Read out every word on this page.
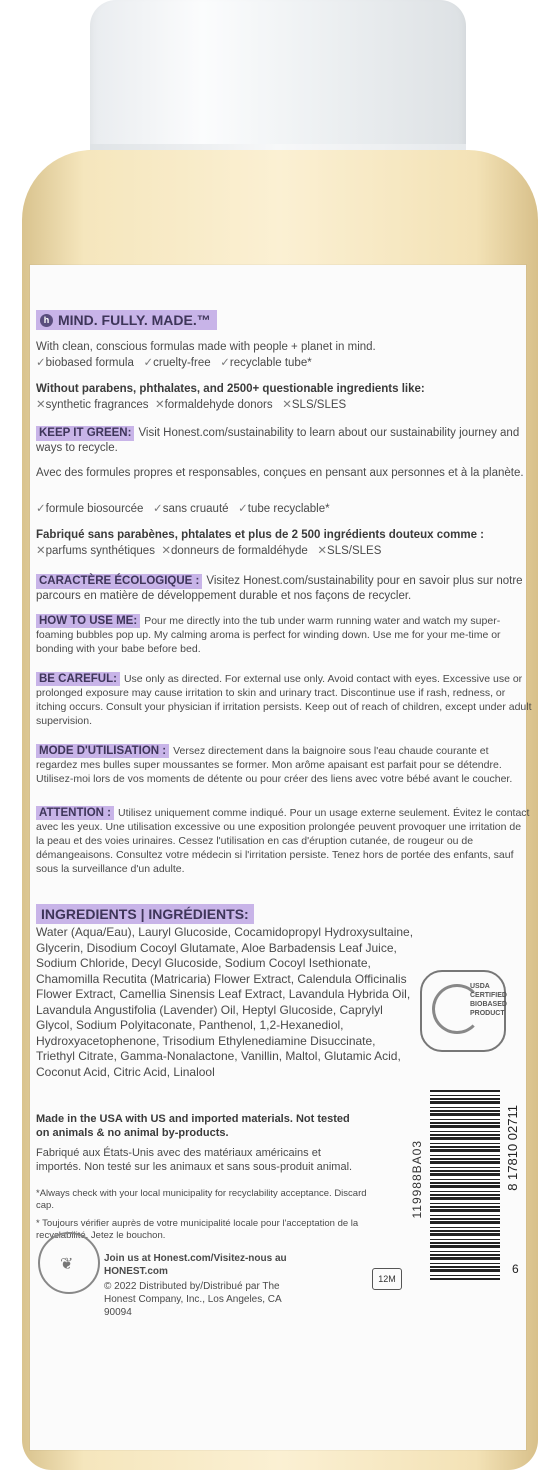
h MIND. FULLY. MADE.™
With clean, conscious formulas made with people + planet in mind.
✓biobased formula ✓cruelty-free ✓recyclable tube*
Without parabens, phthalates, and 2500+ questionable ingredients like:
✕synthetic fragrances ✕formaldehyde donors ✕SLS/SLES
KEEP IT GREEN: Visit Honest.com/sustainability to learn about our sustainability journey and ways to recycle.
Avec des formules propres et responsables, conçues en pensant aux personnes et à la planète.
✓formule biosourcée ✓sans cruauté ✓tube recyclable*
Fabriqué sans parabènes, phtalates et plus de 2 500 ingrédients douteux comme :
✕parfums synthétiques ✕donneurs de formaldéhyde ✕SLS/SLES
CARACTÈRE ÉCOLOGIQUE : Visitez Honest.com/sustainability pour en savoir plus sur notre parcours en matière de développement durable et nos façons de recycler.
HOW TO USE ME: Pour me directly into the tub under warm running water and watch my super-foaming bubbles pop up. My calming aroma is perfect for winding down. Use me for your me-time or bonding with your babe before bed.
BE CAREFUL: Use only as directed. For external use only. Avoid contact with eyes. Excessive use or prolonged exposure may cause irritation to skin and urinary tract. Discontinue use if rash, redness, or itching occurs. Consult your physician if irritation persists. Keep out of reach of children, except under adult supervision.
MODE D'UTILISATION : Versez directement dans la baignoire sous l'eau chaude courante et regardez mes bulles super moussantes se former. Mon arôme apaisant est parfait pour se détendre. Utilisez-moi lors de vos moments de détente ou pour créer des liens avec votre bébé avant le coucher.
ATTENTION : Utilisez uniquement comme indiqué. Pour un usage externe seulement. Évitez le contact avec les yeux. Une utilisation excessive ou une exposition prolongée peuvent provoquer une irritation de la peau et des voies urinaires. Cessez l'utilisation en cas d'éruption cutanée, de rougeur ou de démangeaisons. Consultez votre médecin si l'irritation persiste. Tenez hors de portée des enfants, sauf sous la surveillance d'un adulte.
INGREDIENTS | INGRÉDIENTS:
Water (Aqua/Eau), Lauryl Glucoside, Cocamidopropyl Hydroxysultaine, Glycerin, Disodium Cocoyl Glutamate, Aloe Barbadensis Leaf Juice, Sodium Chloride, Decyl Glucoside, Sodium Cocoyl Isethionate, Chamomilla Recutita (Matricaria) Flower Extract, Calendula Officinalis Flower Extract, Camellia Sinensis Leaf Extract, Lavandula Hybrida Oil, Lavandula Angustifolia (Lavender) Oil, Heptyl Glucoside, Caprylyl Glycol, Sodium Polyitaconate, Panthenol, 1,2-Hexanediol, Hydroxyacetophenone, Trisodium Ethylenediamine Disuccinate, Triethyl Citrate, Gamma-Nonalactone, Vanillin, Maltol, Glutamic Acid, Coconut Acid, Citric Acid, Linalool
USDA CERTIFIED BIOBASED PRODUCT
Made in the USA with US and imported materials. Not tested on animals & no animal by-products.
Fabriqué aux États-Unis avec des matériaux américains et importés. Non testé sur les animaux et sans sous-produit animal.
*Always check with your local municipality for recyclability acceptance. Discard cap.
* Toujours vérifier auprès de votre municipalité locale pour l'acceptation de la recyclabilité. Jetez le bouchon.
❦	Join us at Honest.com/Visitez-nous au HONEST.com
© 2022 Distributed by/Distribué par The Honest Company, Inc., Los Angeles, CA 90094
119988BA03	8 17810 02711
12M
6
